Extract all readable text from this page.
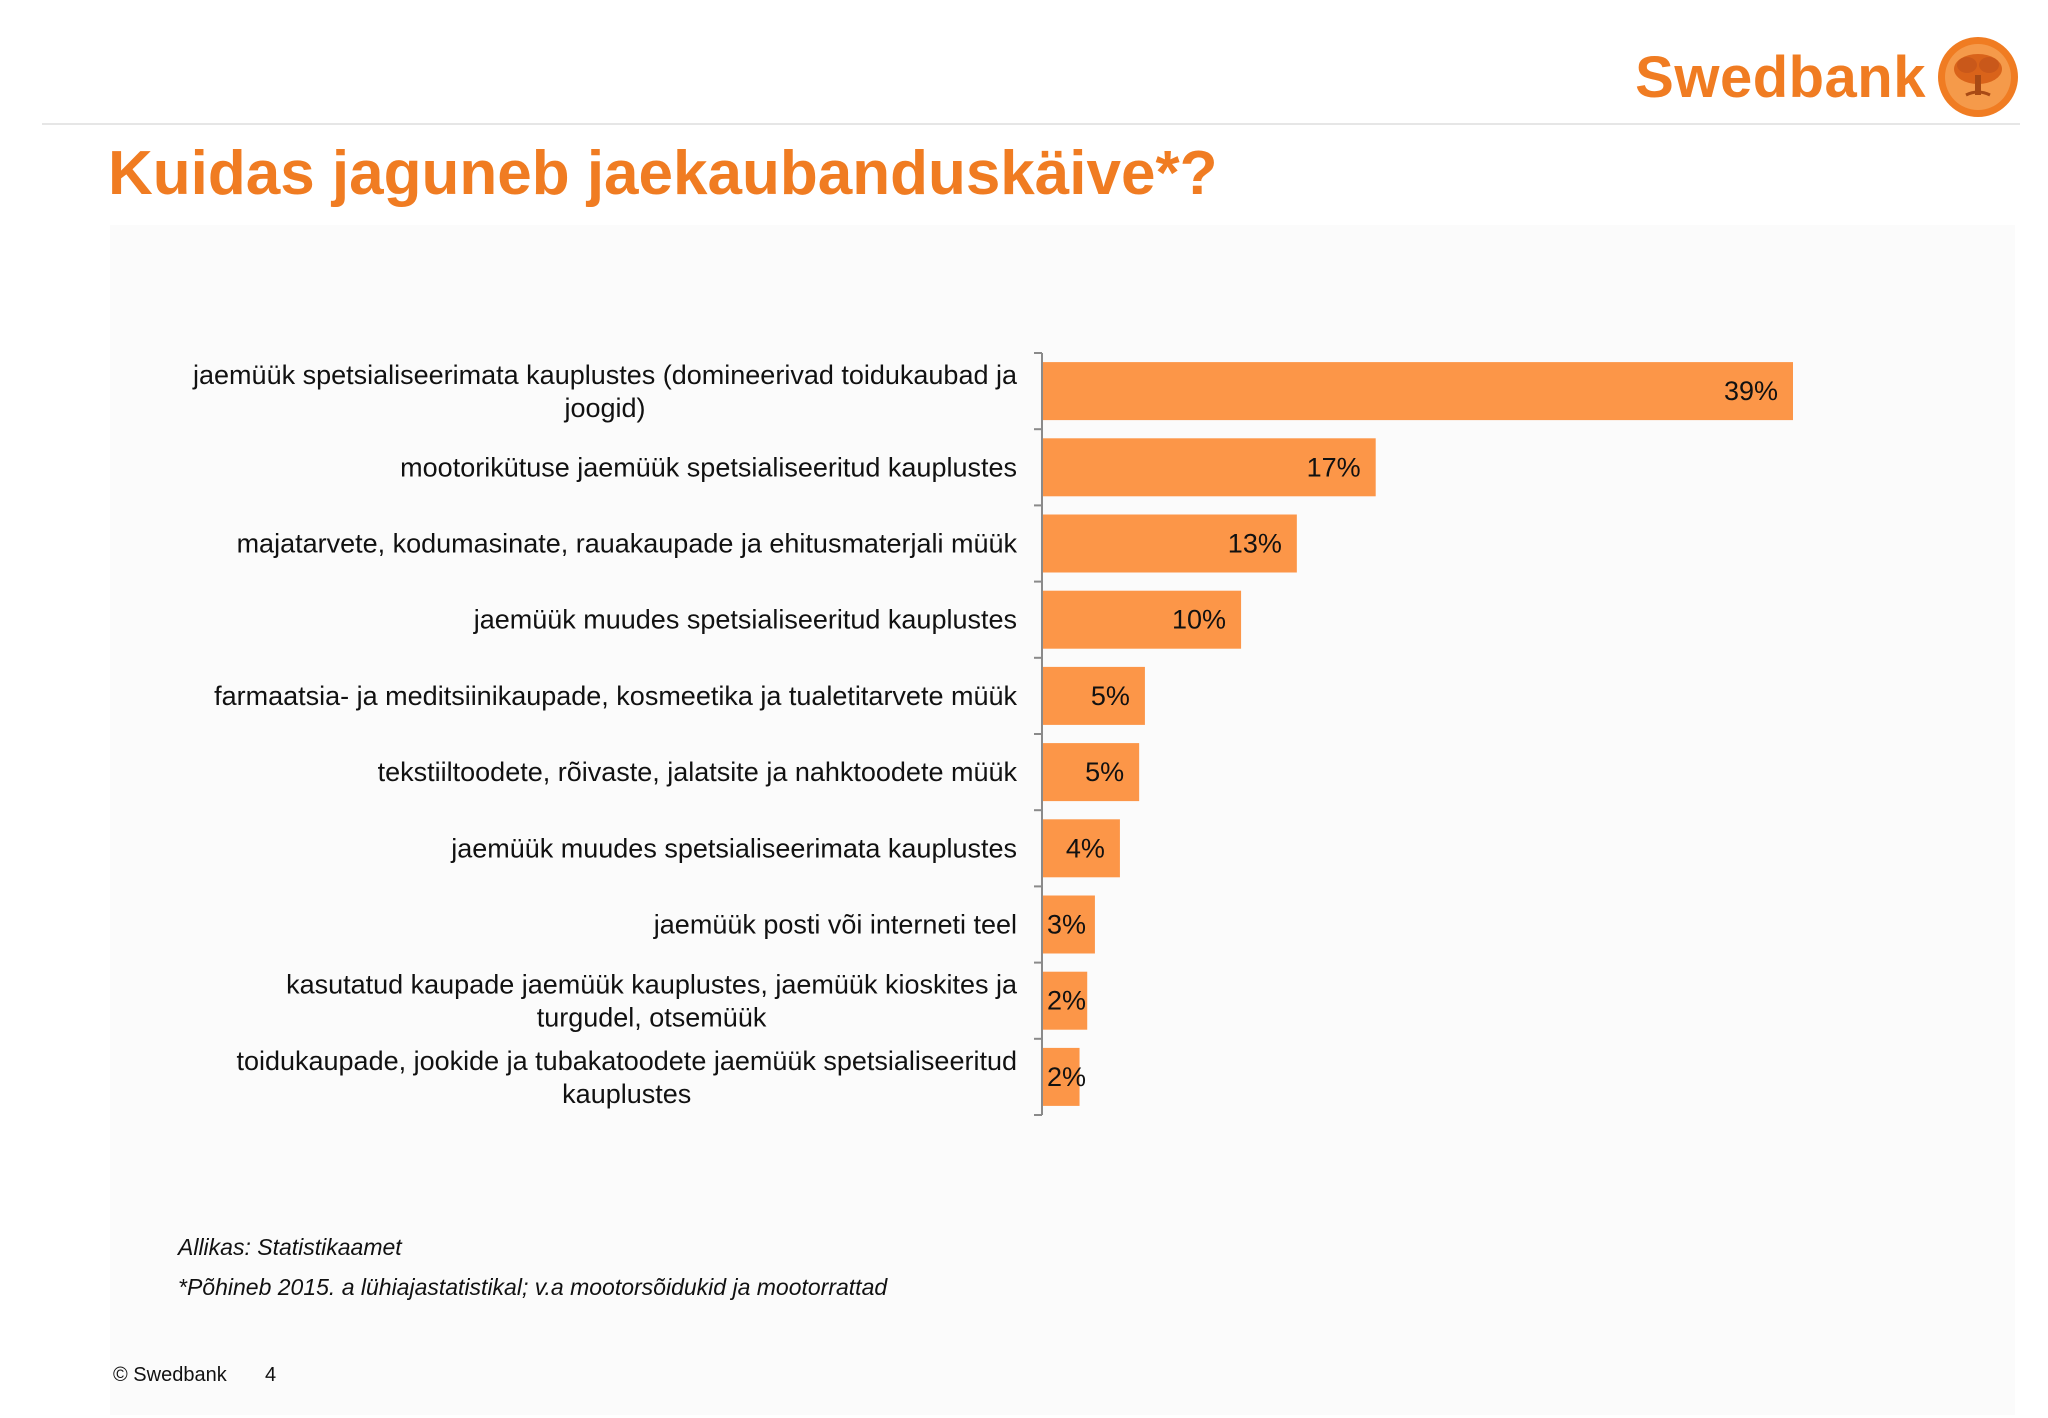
Swedbank
Kuidas jaguneb jaekaubanduskäive*?
39%
jaemüük spetsialiseerimata kauplustes (domineerivad toidukaubad ja
joogid)
17%
mootorikütuse jaemüük spetsialiseeritud kauplustes
13%
majatarvete, kodumasinate, rauakaupade ja ehitusmaterjali müük
10%
jaemüük muudes spetsialiseeritud kauplustes
5%
farmaatsia- ja meditsiinikaupade, kosmeetika ja tualetitarvete müük
5%
tekstiiltoodete, rõivaste, jalatsite ja nahktoodete müük
4%
jaemüük muudes spetsialiseerimata kauplustes
3%
jaemüük posti või interneti teel
2%
kasutatud kaupade jaemüük kauplustes, jaemüük kioskites ja
turgudel, otsemüük
2%
toidukaupade, jookide ja tubakatoodete jaemüük spetsialiseeritud
kauplustes
Allikas: Statistikaamet
*Põhineb 2015. a lühiajastatistikal; v.a mootorsõidukid ja mootorrattad
© Swedbank 4
